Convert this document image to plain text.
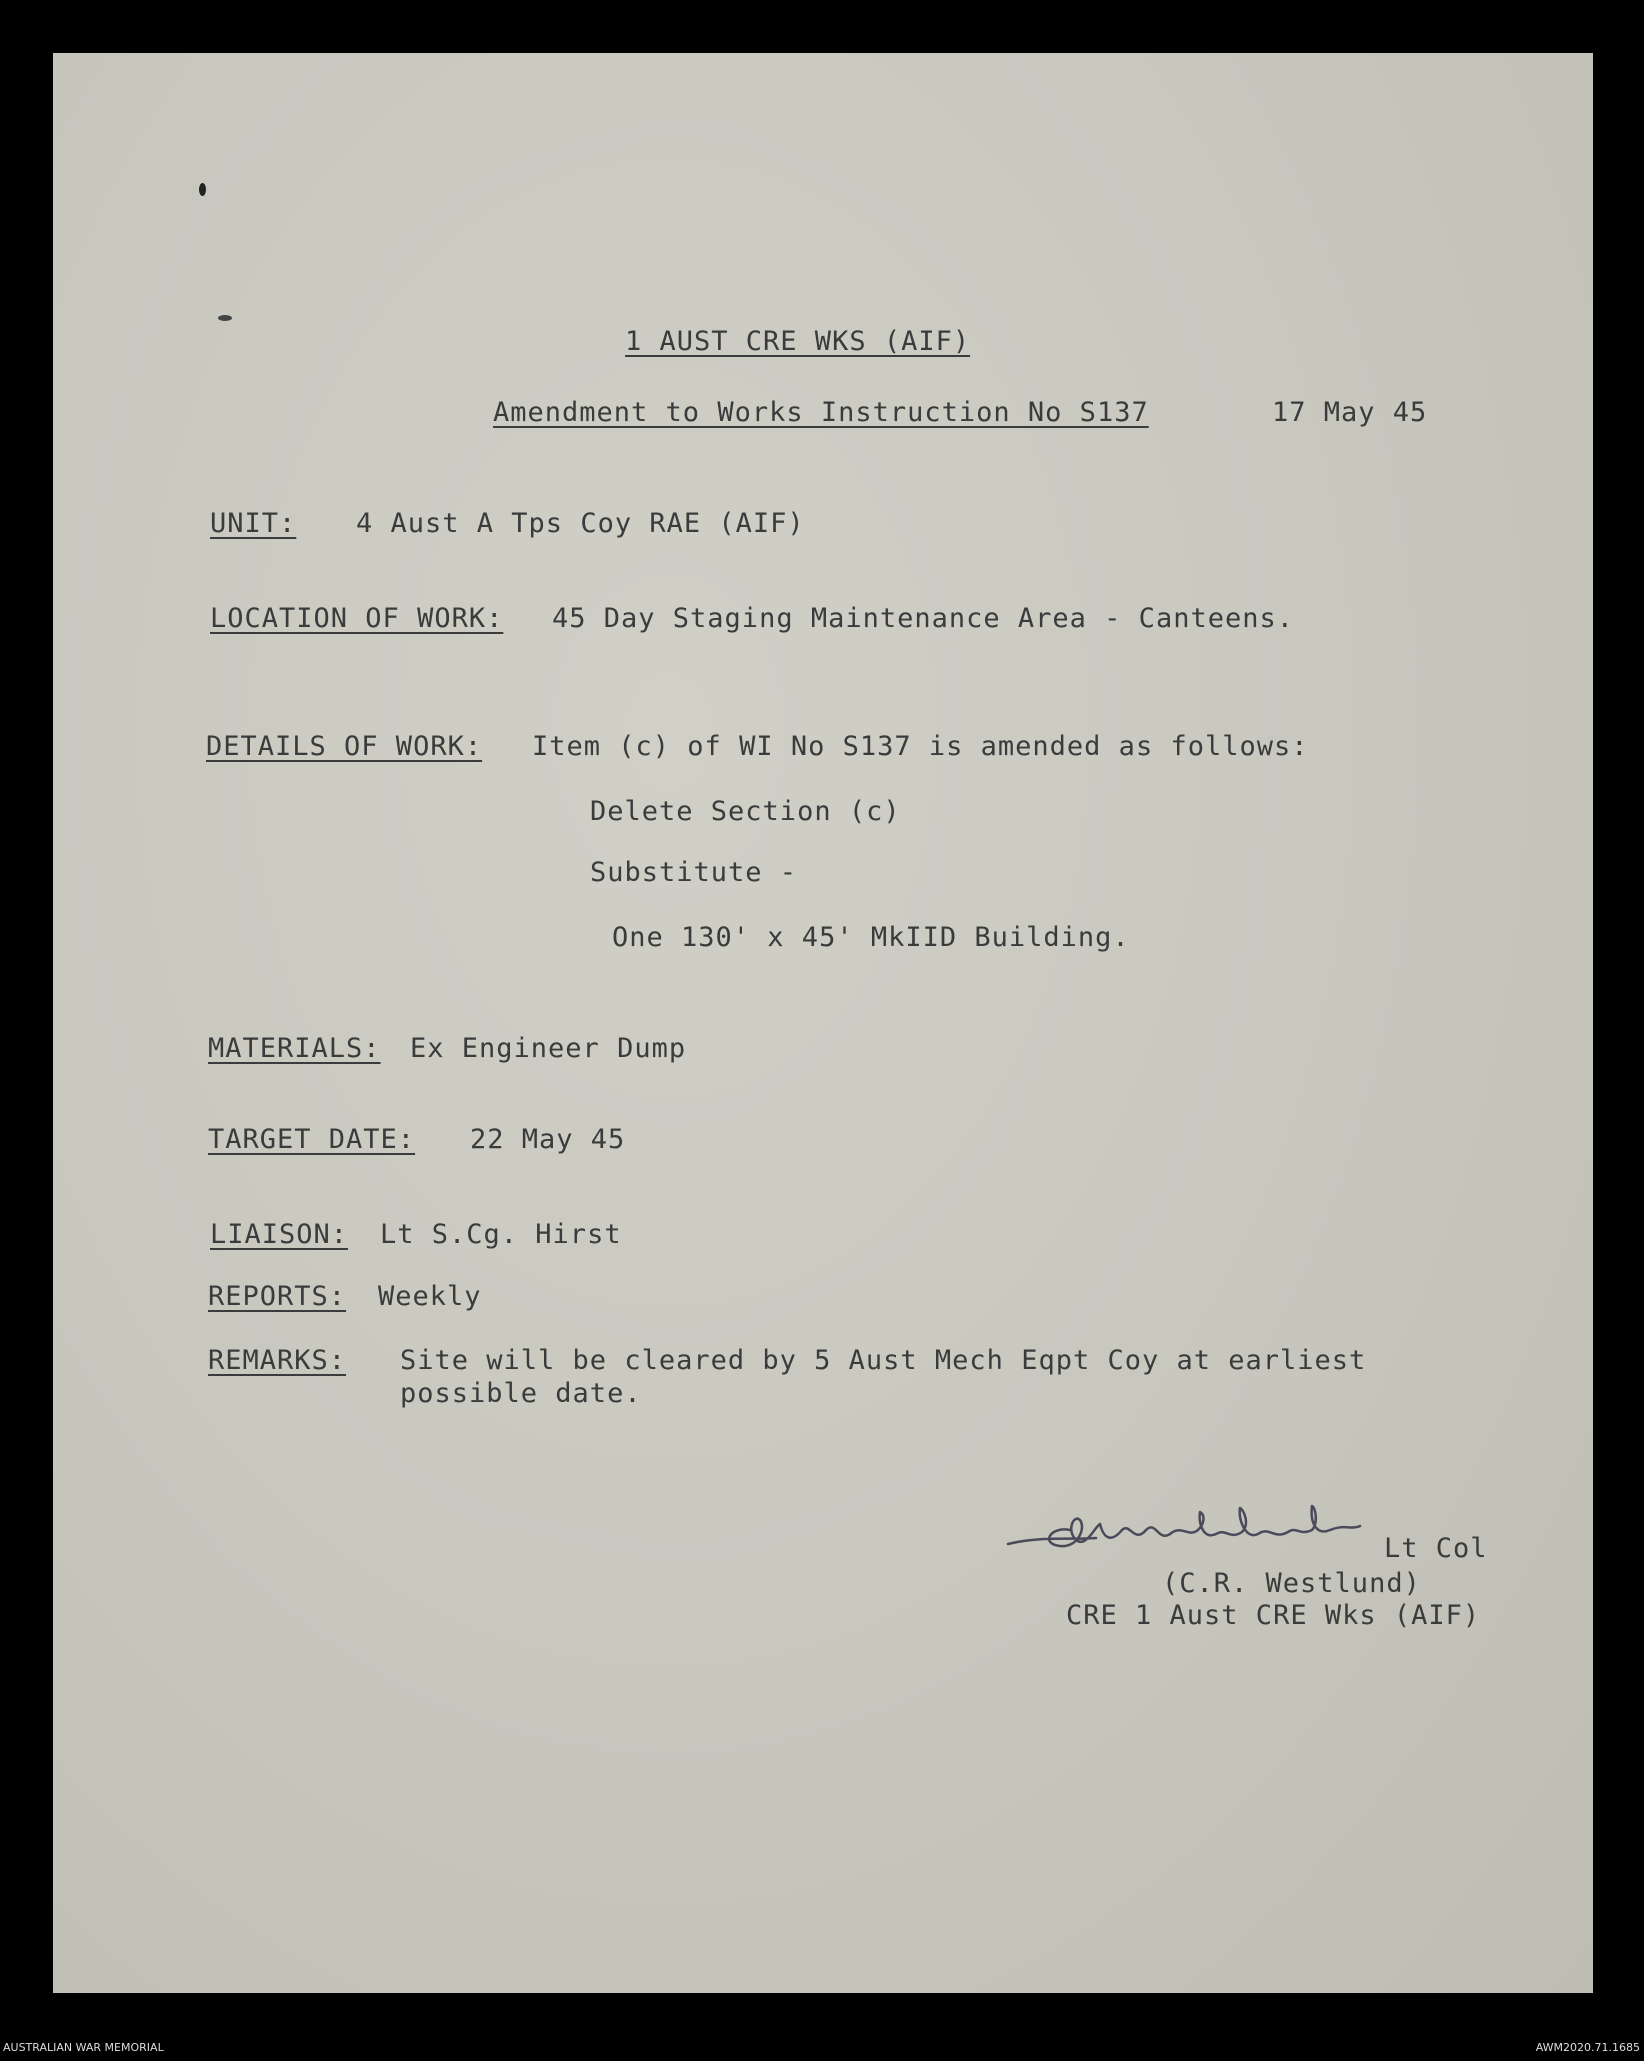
1 AUST CRE WKS (AIF)
Amendment to Works Instruction No S137	17 May 45
UNIT: 4 Aust A Tps Coy RAE (AIF)
LOCATION OF WORK: 45 Day Staging Maintenance Area - Canteens.
DETAILS OF WORK: Item (c) of WI No S137 is amended as follows:
Delete Section (c)
Substitute -
One 130' x 45' MkIID Building.
MATERIALS: Ex Engineer Dump
TARGET DATE: 22 May 45
LIAISON: Lt S.Cg. Hirst
REPORTS: Weekly
REMARKS: Site will be cleared by 5 Aust Mech Eqpt Coy at earliest
possible date.
Lt Col
(C.R. Westlund)
CRE 1 Aust CRE Wks (AIF)
AUSTRALIAN WAR MEMORIAL	AWM2020.71.1685
